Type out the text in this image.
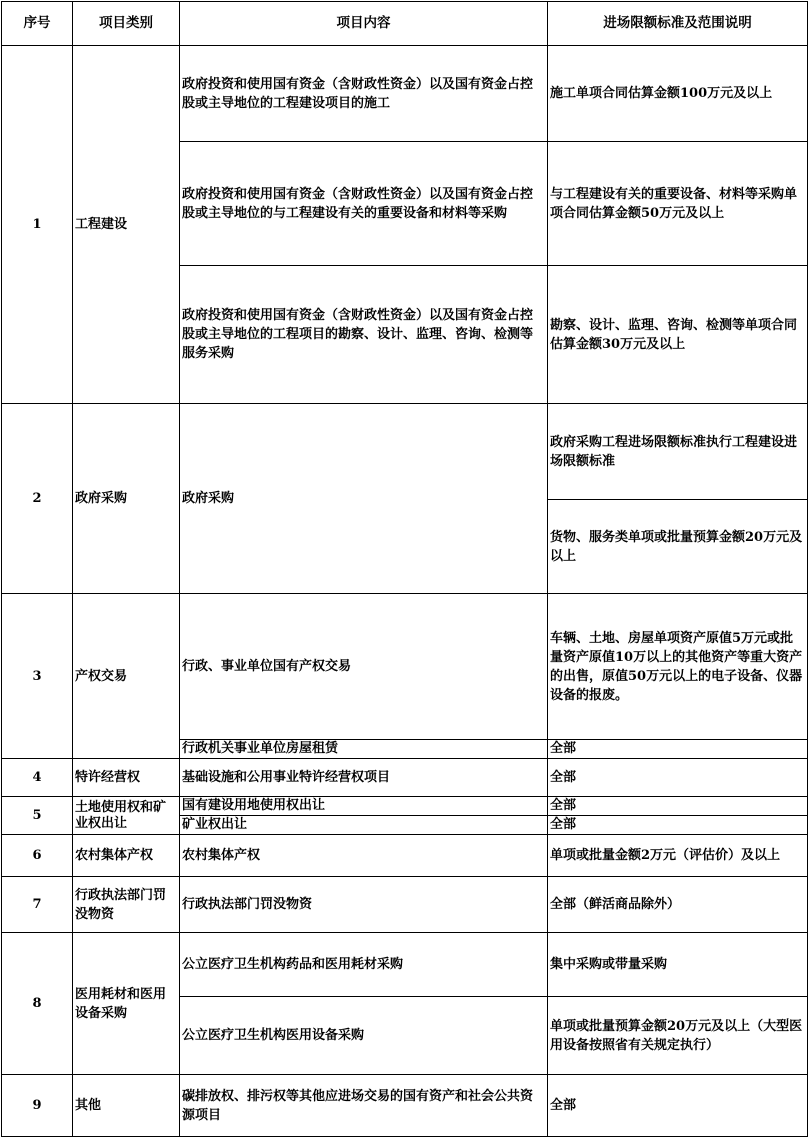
序号	项目类别	项目内容	进场限额标准及范围说明
1	工程建设	政府投资和使用国有资金（含财政性资金）以及国有资金占控股或主导地位的工程建设项目的施工	施工单项合同估算金额100万元及以上
		政府投资和使用国有资金（含财政性资金）以及国有资金占控股或主导地位的与工程建设有关的重要设备和材料等采购	与工程建设有关的重要设备、材料等采购单项合同估算金额50万元及以上
		政府投资和使用国有资金（含财政性资金）以及国有资金占控股或主导地位的工程项目的勘察、设计、监理、咨询、检测等服务采购	勘察、设计、监理、咨询、检测等单项合同估算金额30万元及以上
2	政府采购	政府采购	政府采购工程进场限额标准执行工程建设进场限额标准
			货物、服务类单项或批量预算金额20万元及以上
3	产权交易	行政、事业单位国有产权交易	车辆、土地、房屋单项资产原值5万元或批量资产原值10万以上的其他资产等重大资产的出售，原值50万元以上的电子设备、仪器设备的报废。
		行政机关事业单位房屋租赁	全部
4	特许经营权	基础设施和公用事业特许经营权项目	全部
5	土地使用权和矿业权出让	国有建设用地使用权出让	全部
		矿业权出让	全部
6	农村集体产权	农村集体产权	单项或批量金额2万元（评估价）及以上
7	行政执法部门罚没物资	行政执法部门罚没物资	全部（鲜活商品除外）
8	医用耗材和医用设备采购	公立医疗卫生机构药品和医用耗材采购	集中采购或带量采购
		公立医疗卫生机构医用设备采购	单项或批量预算金额20万元及以上（大型医用设备按照省有关规定执行）
9	其他	碳排放权、排污权等其他应进场交易的国有资产和社会公共资源项目	全部
